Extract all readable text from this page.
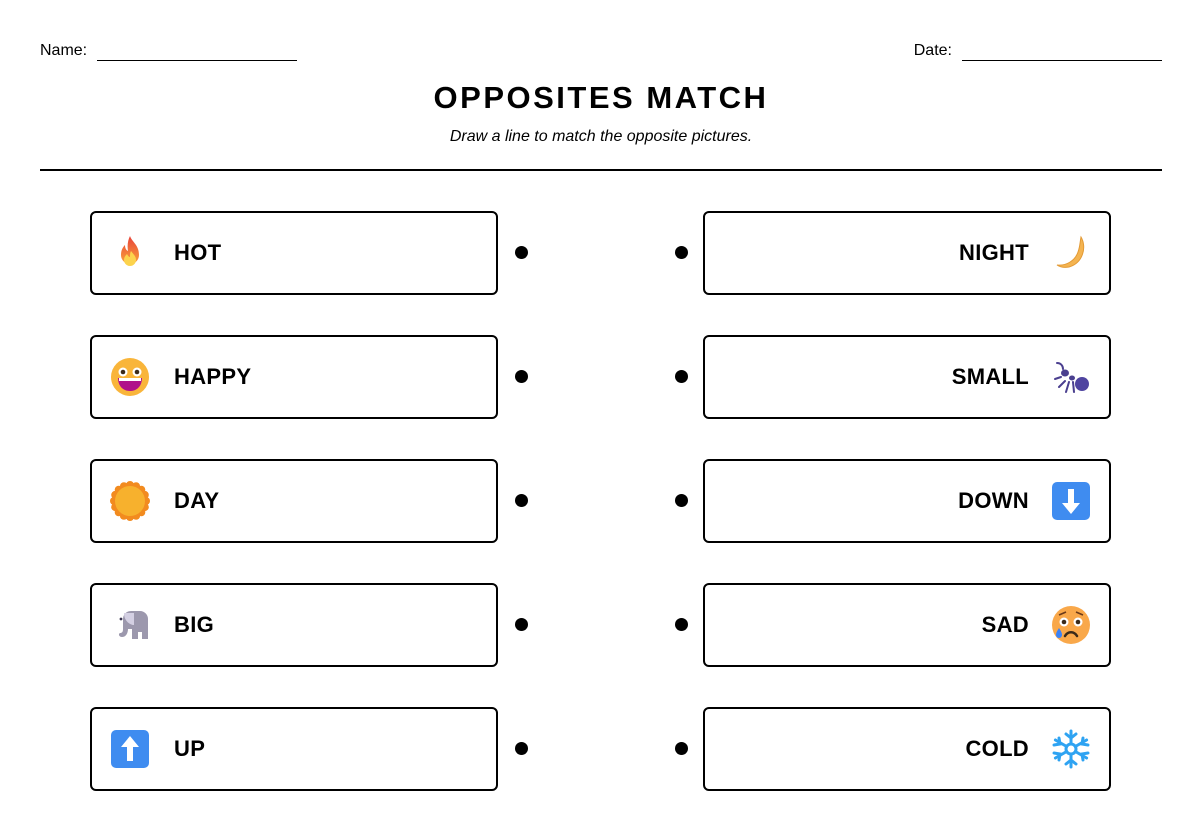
Name:	Date:
OPPOSITES MATCH
Draw a line to match the opposite pictures.
HOT	NIGHT
HAPPY	SMALL
DAY	DOWN
BIG	SAD
UP	COLD
